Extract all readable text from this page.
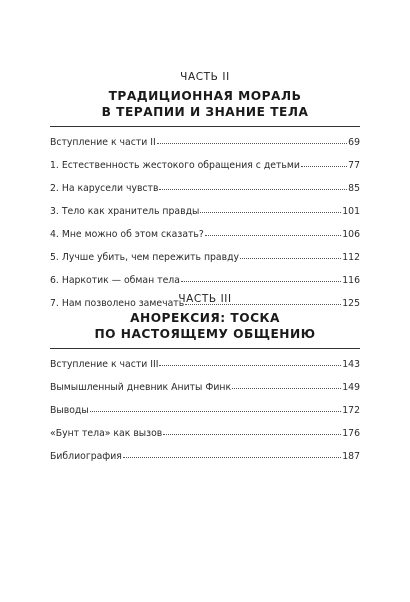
ЧАСТЬ II
ТРАДИЦИОННАЯ МОРАЛЬ
В ТЕРАПИИ И ЗНАНИЕ ТЕЛА
Вступление к части II	69
1. Естественность жестокого обращения с детьми	77
2. На карусели чувств	85
3. Тело как хранитель правды	101
4. Мне можно об этом сказать?	106
5. Лучше убить, чем пережить правду	112
6. Наркотик — обман тела	116
7. Нам позволено замечать	125
ЧАСТЬ III
АНОРЕКСИЯ: ТОСКА
ПО НАСТОЯЩЕМУ ОБЩЕНИЮ
Вступление к части III	143
Вымышленный дневник Аниты Финк	149
Выводы	172
«Бунт тела» как вызов	176
Библиография	187
